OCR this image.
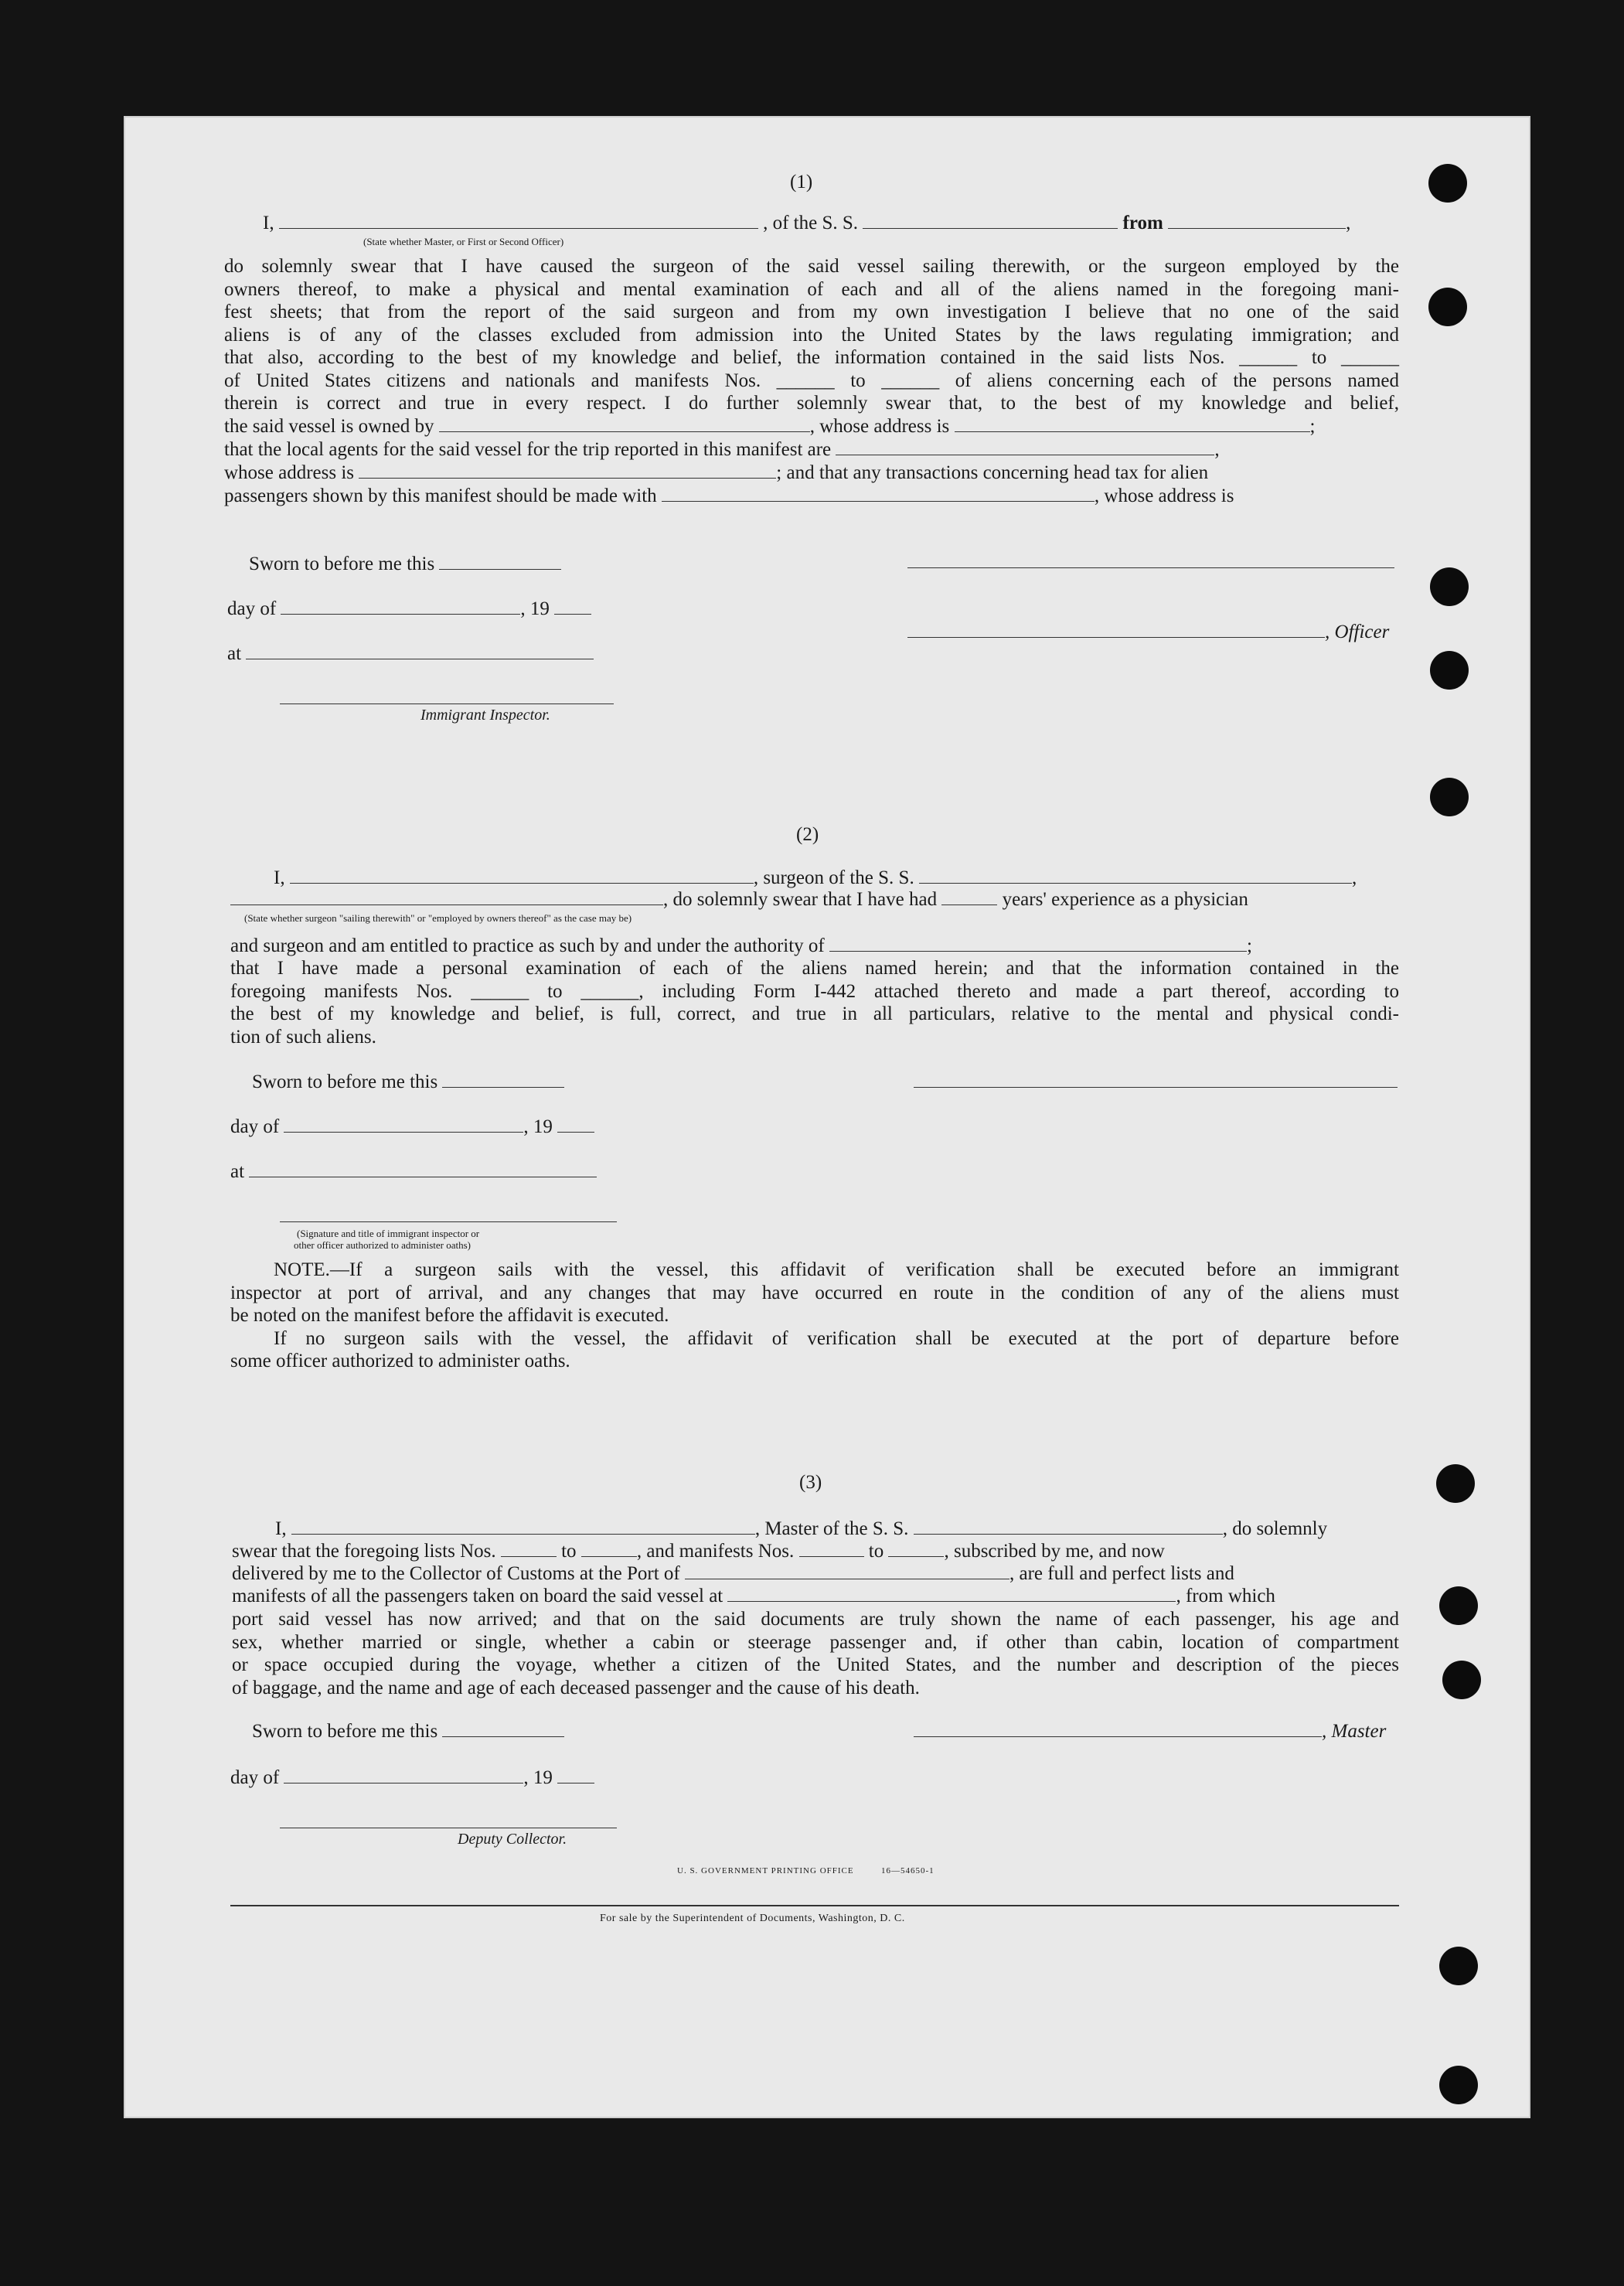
(1)
I,	, of the S. S.	from	,
(State whether Master, or First or Second Officer)
do solemnly swear that I have caused the surgeon of the said vessel sailing therewith, or the surgeon employed by the
owners thereof, to make a physical and mental examination of each and all of the aliens named in the foregoing mani-
fest sheets; that from the report of the said surgeon and from my own investigation I believe that no one of the said
aliens is of any of the classes excluded from admission into the United States by the laws regulating immigration; and
that also, according to the best of my knowledge and belief, the information contained in the said lists Nos. ______ to ______
of United States citizens and nationals and manifests Nos. ______ to ______ of aliens concerning each of the persons named
therein is correct and true in every respect. I do further solemnly swear that, to the best of my knowledge and belief,
the said vessel is owned by	, whose address is	;
that the local agents for the said vessel for the trip reported in this manifest are	,
whose address is	; and that any transactions concerning head tax for alien
passengers shown by this manifest should be made with	, whose address is
Sworn to before me this
day of	, 19
, Officer
at
Immigrant Inspector.
(2)
I,	, surgeon of the S. S.	,
, do solemnly swear that I have had	years' experience as a physician
(State whether surgeon "sailing therewith" or "employed by owners thereof" as the case may be)
and surgeon and am entitled to practice as such by and under the authority of	;
that I have made a personal examination of each of the aliens named herein; and that the information contained in the
foregoing manifests Nos. ______ to ______, including Form I-442 attached thereto and made a part thereof, according to
the best of my knowledge and belief, is full, correct, and true in all particulars, relative to the mental and physical condi-
tion of such aliens.
Sworn to before me this
day of	, 19
at
(Signature and title of immigrant inspector or
other officer authorized to administer oaths)
NOTE.—If a surgeon sails with the vessel, this affidavit of verification shall be executed before an immigrant
inspector at port of arrival, and any changes that may have occurred en route in the condition of any of the aliens must
be noted on the manifest before the affidavit is executed.
If no surgeon sails with the vessel, the affidavit of verification shall be executed at the port of departure before
some officer authorized to administer oaths.
(3)
I,	, Master of the S. S.	, do solemnly
swear that the foregoing lists Nos.	to	, and manifests Nos.	to	, subscribed by me, and now
delivered by me to the Collector of Customs at the Port of	, are full and perfect lists and
manifests of all the passengers taken on board the said vessel at	, from which
port said vessel has now arrived; and that on the said documents are truly shown the name of each passenger, his age and
sex, whether married or single, whether a cabin or steerage passenger and, if other than cabin, location of compartment
or space occupied during the voyage, whether a citizen of the United States, and the number and description of the pieces
of baggage, and the name and age of each deceased passenger and the cause of his death.
Sworn to before me this	, Master
day of	, 19
Deputy Collector.
U. S. GOVERNMENT PRINTING OFFICE	16—54650-1
For sale by the Superintendent of Documents, Washington, D. C.
